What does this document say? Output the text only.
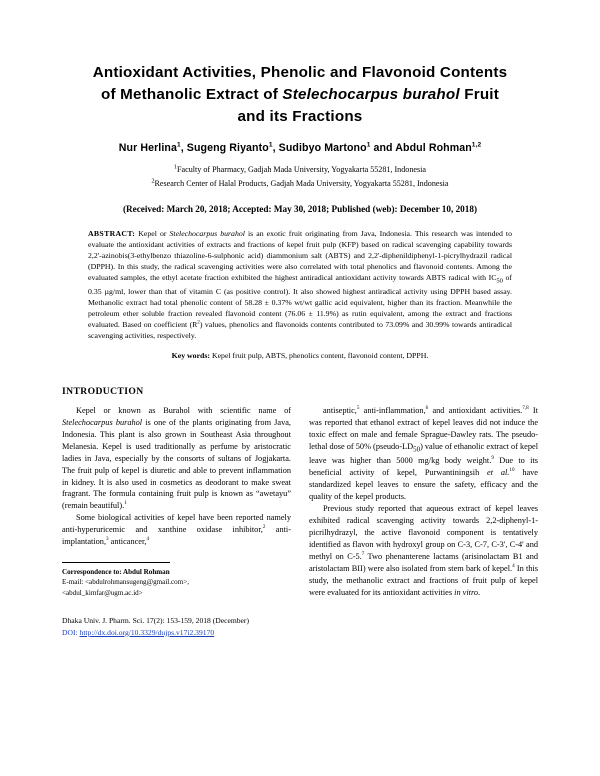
Antioxidant Activities, Phenolic and Flavonoid Contents
of Methanolic Extract of Stelechocarpus burahol Fruit
and its Fractions
Nur Herlina$^1$, Sugeng Riyanto$^1$, Sudibyo Martono$^1$ and Abdul Rohman$^{1,2}$
$^1$Faculty of Pharmacy, Gadjah Mada University, Yogyakarta 55281, Indonesia
$^2$Research Center of Halal Products, Gadjah Mada University, Yogyakarta 55281, Indonesia
(Received: March 20, 2018; Accepted: May 30, 2018; Published (web): December 10, 2018)
ABSTRACT: Kepel or Stelechocarpus burahol is an exotic fruit originating from Java, Indonesia. This research was intended to evaluate the antioxidant activities of extracts and fractions of kepel fruit pulp (KFP) based on radical scavenging capability towards 2,2'-azinobis(3-ethylbenzo thiazoline-6-sulphonic acid) diammonium salt (ABTS) and 2,2'-diphenildiphenyl-1-picrylhydrazil radical (DPPH). In this study, the radical scavenging activities were also correlated with total phenolics and flavonoid contents. Among the evaluated samples, the ethyl acetate fraction exhibited the highest antiradical antioxidant activity towards ABTS radical with $IC_{50}$ of 0.35 µg/ml, lower than that of vitamin C (as positive control). It also showed highest antiradical activity using DPPH based assay. Methanolic extract had total phenolic content of 58.28 ± 0.37% wt/wt gallic acid equivalent, higher than its fraction. Meanwhile the petroleum ether soluble fraction revealed flavonoid content (76.06 ± 11.9%) as rutin equivalent, among the extract and fractions evaluated. Based on coefficient $(R^2)$ values, phenolics and flavonoids contents contributed to 73.09% and 30.99% towards antiradical scavenging activities, respectively.
Key words: Kepel fruit pulp, ABTS, phenolics content, flavonoid content, DPPH.
INTRODUCTION

Kepel or known as Burahol with scientific name of Stelechocarpus burahol is one of the plants originating from Java, Indonesia. This plant is also grown in Southeast Asia throughout Melanesia. Kepel is used traditionally as perfume by aristocratic ladies in Java, especially by the consorts of sultans of Jogjakarta. The fruit pulp of kepel is diuretic and able to prevent inflammation in kidney. It is also used in cosmetics as deodorant to make sweat fragrant. The formula containing fruit pulp is known as “awetayu” (remain beautiful).$^1$

Some biological activities of kepel have been reported namely anti-hyperuricemic and xanthine oxidase inhibitor,$^2$ anti-implantation,$^3$ anticancer,$^4$

Correspondence to: Abdul Rohman
E-mail: <abdulrohmansugeng@gmail.com>,
<abdul_kimfar@ugm.ac.id>

antiseptic,$^5$ anti-inflammation,$^6$ and antioxidant activities.$^{7,8}$ It was reported that ethanol extract of kepel leaves did not induce the toxic effect on male and female Sprague-Dawley rats. The pseudo-lethal dose of 50% $(pseudo-LD_{50})$ value of ethanolic extract of kepel leave was higher than 5000 mg/kg body weight.$^9$ Due to its beneficial activity of kepel, Purwantiningsih et al.$^{10}$ have standardized kepel leaves to ensure the safety, efficacy and the quality of the kepel products.

Previous study reported that aqueous extract of kepel leaves exhibited radical scavenging activity towards 2,2-diphenyl-1-picrilhydrazyl, the active flavonoid component is tentatively identified as flavon with hydroxyl group on C-3, C-7, C-3', C-4' and methyl on C-5.$^7$ Two phenanterene lactams (arisinolactam B1 and aristolactam BII) were also isolated from stem bark of kepel.$^4$ In this study, the methanolic extract and fractions of fruit pulp of kepel were evaluated for its antioxidant activities in vitro.

Dhaka Univ. J. Pharm. Sci. 17(2): 153-159, 2018 (December)
DOI: http://dx.doi.org/10.3329/dujps.v17i2.39170
